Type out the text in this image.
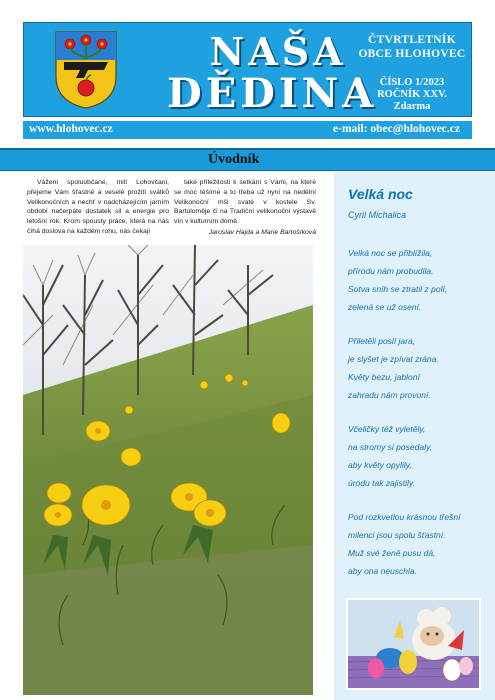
NAŠA
DĚDINA
ČTVRTLETNÍK
OBCE HLOHOVEC
ČÍSLO 1/2023
ROČNÍK XXV.
Zdarma
www.hlohovec.cz	e-mail: obec@hlohovec.cz
Úvodník

Vážení spoluobčané, milí Lohovčani, přejeme Vám šťastné a veselé prožití svátků Velikonočních a nechť v nadcházejícím jarním období načerpáte dostatek sil a energie pro letošní rok. Krom spousty práce, která na nás číhá doslova na každém rohu, nás čekají

také příležitosti k setkání s Vámi, na které se moc těšíme a to třeba už nyní na nedělní Velikonoční mši svaté v kostele Sv. Bartoloměje či na Tradiční velikonoční výstavě vín v kulturním domě.

Jaroslav Hajda a Marie Bartošíková

Velká noc
Cyril Michalica
Velká noc se přiblížila,
přírodu nám probudila.
Sotva sníh se ztratil z polí,
zelená se už osení.
Přiletěli poslí jara,
je slyšet je zpívat zrána.
Květy bezu, jabloní
zahradu nám provoní.
Včeličky též vyletěly,
na stromy si posedaly,
aby květy opylily,
úrodu tak zajistily.
Pod rozkvetlou krásnou třešní
milenci jsou spolu šťastní.
Muž své ženě pusu dá,
aby ona neuschla.
